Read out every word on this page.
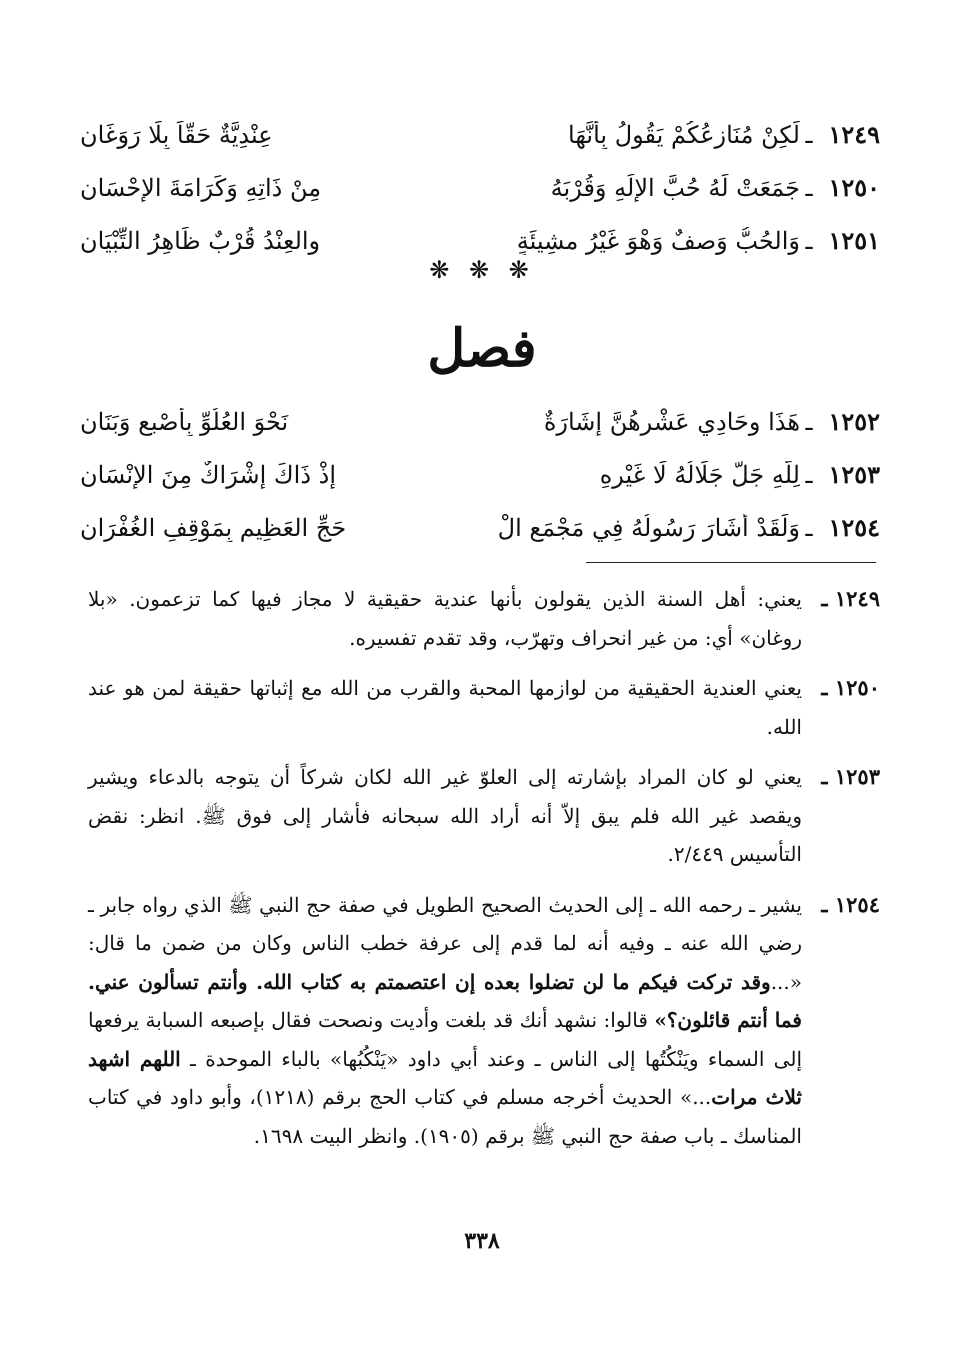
١٢٤٩
ـ
لَكِنْ مُنَازِعُكُمْ يَقُولُ بِأَنَّهَا
عِنْدِيَّةٌ حَقّاً بِلَا رَوَغَانِ
١٢٥٠
ـ
جَمَعَتْ لَهُ حُبَّ الإِلَهِ وَقُرْبَهُ
مِنْ ذَاتِهِ وَكَرَامَةَ الإِحْسَانِ
١٢٥١
ـ
وَالحُبُّ وَصفٌ وَهْوَ غَيْرُ مشِيئَةٍ
والعِنْدُ قُرْبٌ ظَاهِرُ التِّبْيَانِ
❋ ❋ ❋
فصل
١٢٥٢
ـ
هَذَا وحَادِي عَشْرهُنَّ إشَارَةٌ
نَحْوَ العُلُوِّ بِأَصْبعٍ وَبَنَانِ
١٢٥٣
ـ
لِلَّهِ جَلَّ جَلَالُهُ لَا غَيْرِهِ
إِذْ ذَاكَ إِشْرَاكٌ مِنَ الإِنْسَانِ
١٢٥٤
ـ
وَلَقَدْ أَشَارَ رَسُولُهُ فِي مَجْمَعِ الْ
حَجِّ العَظِيمِ بِمَوْقِفِ الغُفْرَانِ
١٢٤٩ ـ
يعني: أهل السنة الذين يقولون بأنها عندية حقيقية لا مجاز فيها كما تزعمون. «بلا روغان» أي: من غير انحراف وتهرّب، وقد تقدم تفسيره.
١٢٥٠ ـ
يعني العندية الحقيقية من لوازمها المحبة والقرب من الله مع إثباتها حقيقة لمن هو عند الله.
١٢٥٣ ـ
يعني لو كان المراد بإشارته إلى العلوّ غير الله لكان شركاً أن يتوجه بالدعاء ويشير ويقصد غير الله فلم يبق إلاّ أنه أراد الله سبحانه فأشار إلى فوق ﷺ. انظر: نقض التأسيس ٢/٤٤٩.
١٢٥٤ ـ
يشير ـ رحمه الله ـ إلى الحديث الصحيح الطويل في صفة حج النبي ﷺ الذي رواه جابر ـ رضي الله عنه ـ وفيه أنه لما قدم إلى عرفة خطب الناس وكان من ضمن ما قال: «...وقد تركت فيكم ما لن تضلوا بعده إن اعتصمتم به كتاب الله. وأنتم تسألون عني. فما أنتم قائلون؟» قالوا: نشهد أنك قد بلغت وأديت ونصحت فقال بإصبعه السبابة يرفعها إلى السماء ويَنْكُتُها إلى الناس ـ وعند أبي داود «يَنْكُبُها» بالباء الموحدة ـ اللهم اشهد ثلاث مرات...» الحديث أخرجه مسلم في كتاب الحج برقم (١٢١٨)، وأبو داود في كتاب المناسك ـ باب صفة حج النبي ﷺ برقم (١٩٠٥). وانظر البيت ١٦٩٨.
٣٣٨
